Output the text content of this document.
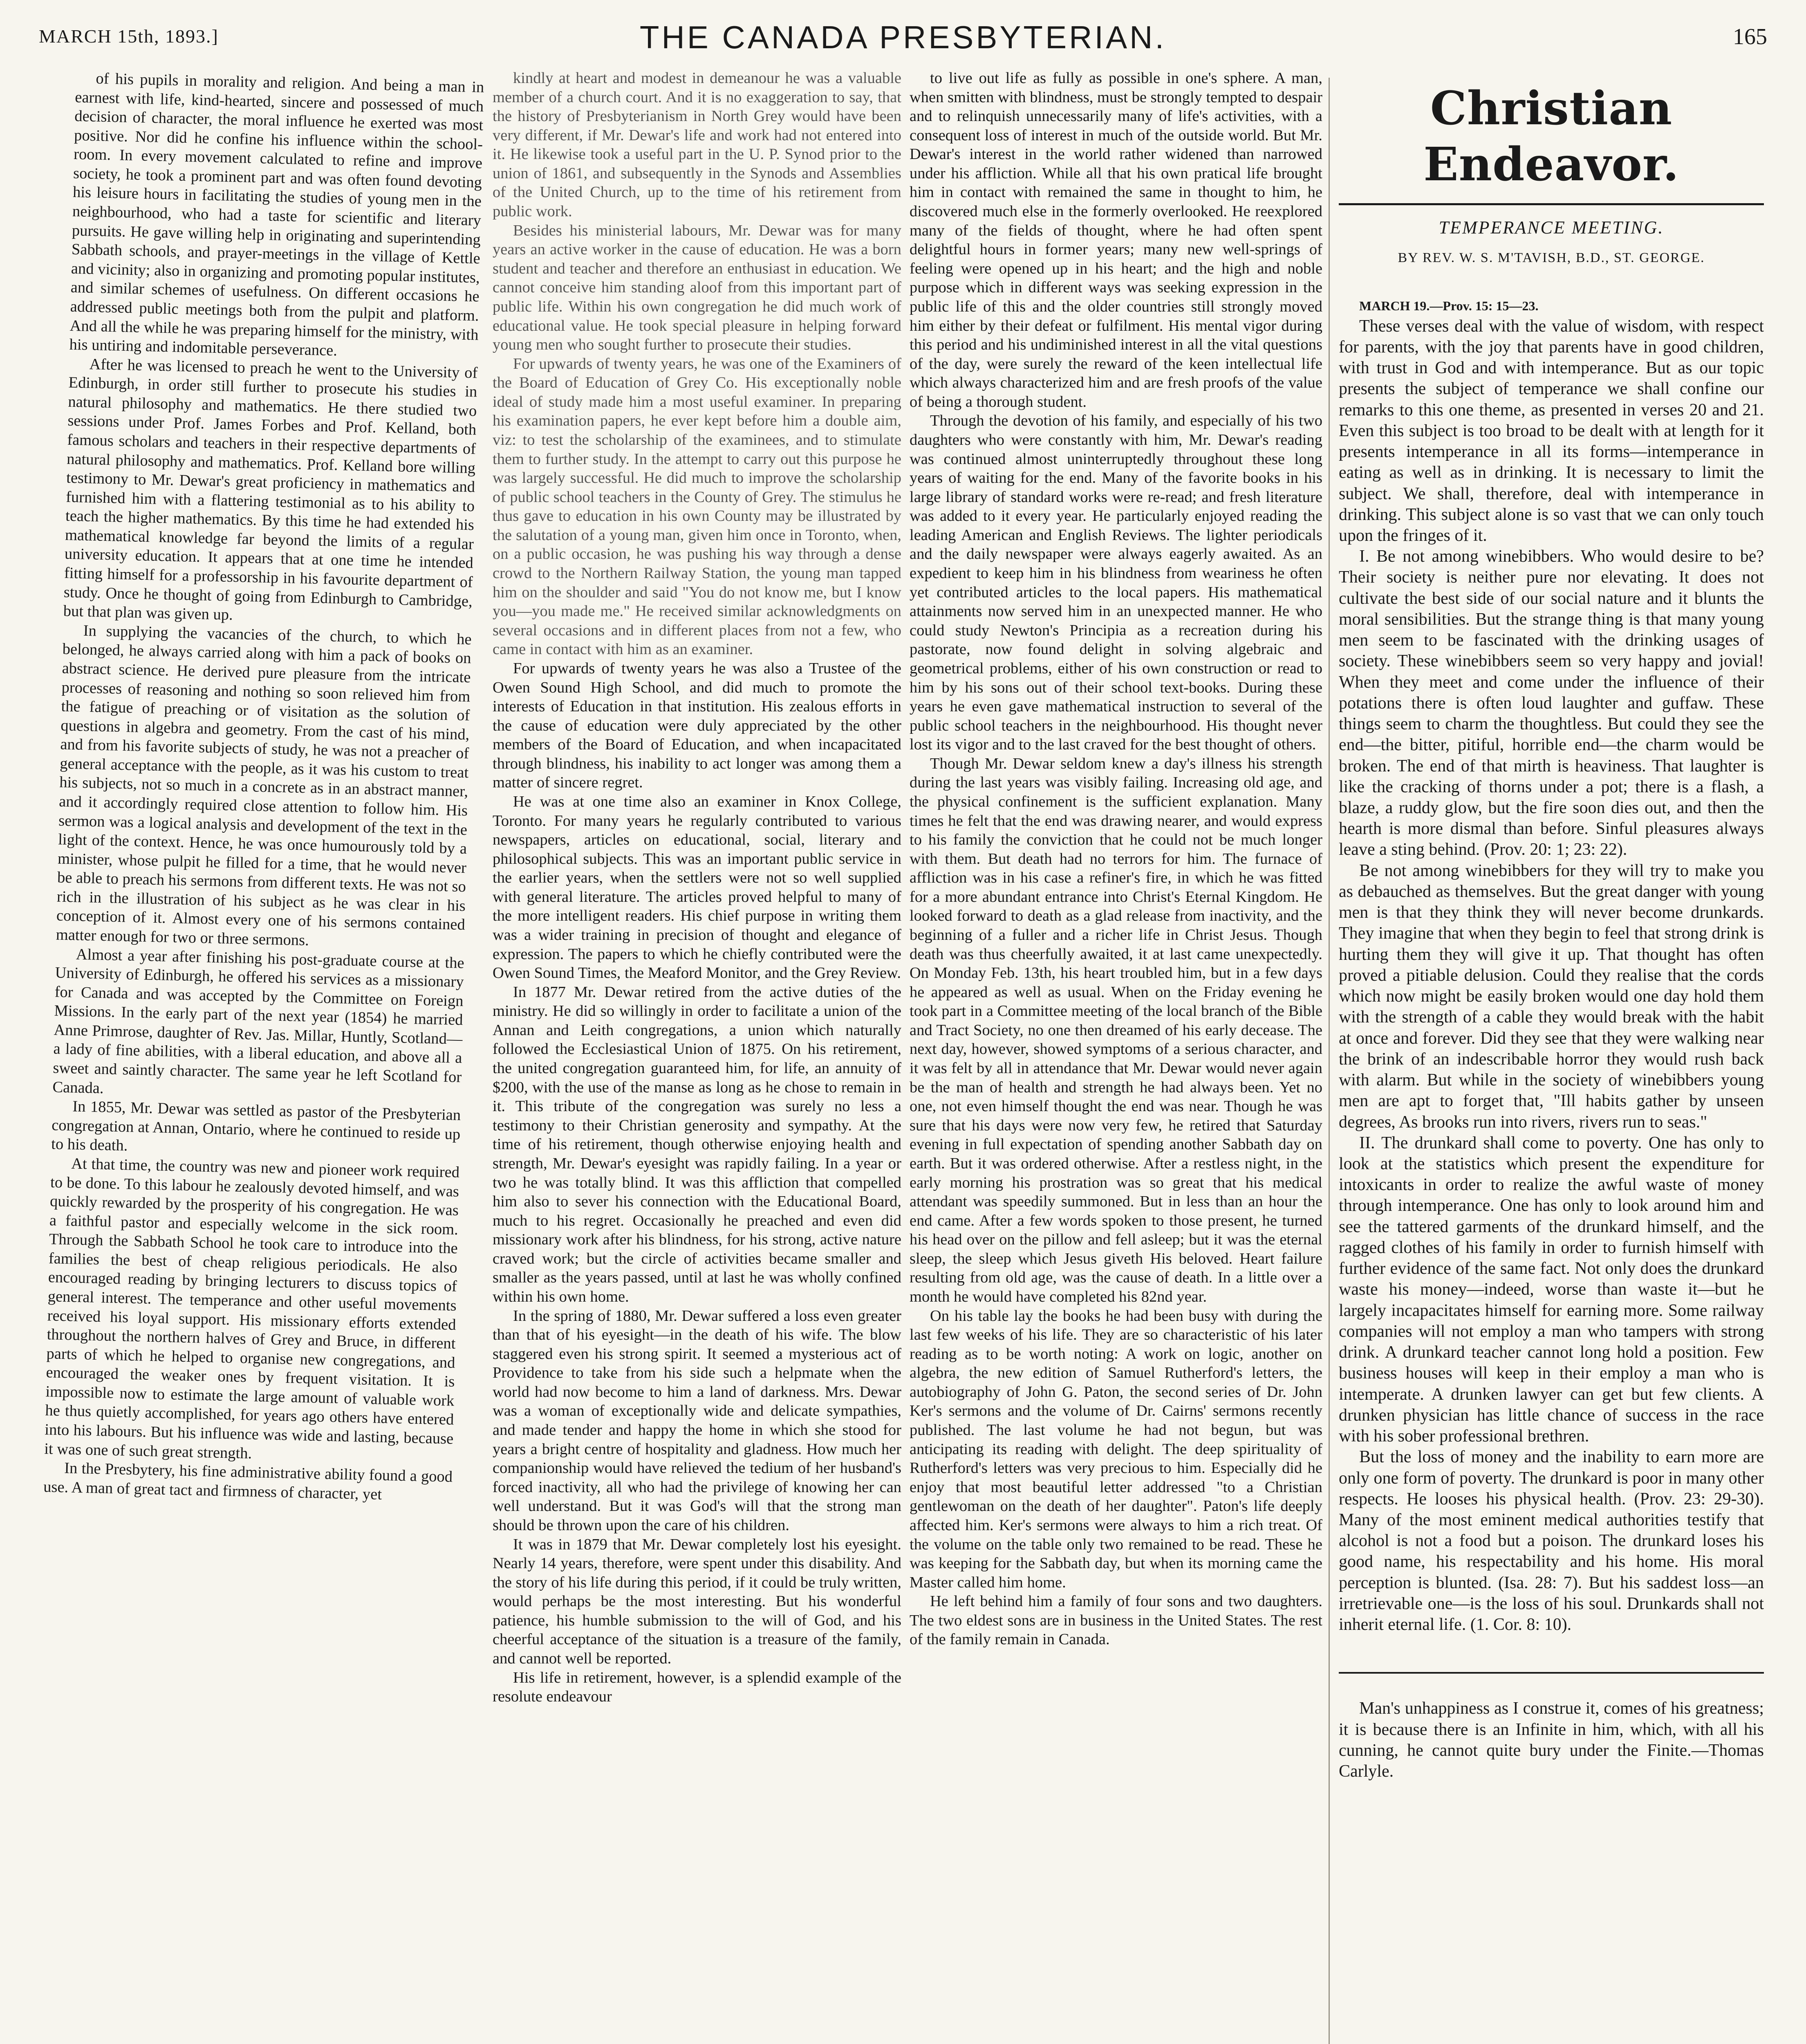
MARCH 15th, 1893.]	THE CANADA PRESBYTERIAN.	165

of his pupils in morality and religion. And being a man in earnest with life, kind-hearted, sincere and possessed of much decision of character, the moral influence he exerted was most positive. Nor did he confine his influence within the school-room. In every movement calculated to refine and improve society, he took a prominent part and was often found devoting his leisure hours in facilitating the studies of young men in the neighbourhood, who had a taste for scientific and literary pursuits. He gave willing help in originating and superintending Sabbath schools, and prayer-meetings in the village of Kettle and vicinity; also in organizing and promoting popular institutes, and similar schemes of usefulness. On different occasions he addressed public meetings both from the pulpit and platform. And all the while he was preparing himself for the ministry, with his untiring and indomitable perseverance.

After he was licensed to preach he went to the University of Edinburgh, in order still further to prosecute his studies in natural philosophy and mathematics. He there studied two sessions under Prof. James Forbes and Prof. Kelland, both famous scholars and teachers in their respective departments of natural philosophy and mathematics. Prof. Kelland bore willing testimony to Mr. Dewar's great proficiency in mathematics and furnished him with a flattering testimonial as to his ability to teach the higher mathematics. By this time he had extended his mathematical knowledge far beyond the limits of a regular university education. It appears that at one time he intended fitting himself for a professorship in his favourite department of study. Once he thought of going from Edinburgh to Cambridge, but that plan was given up.

In supplying the vacancies of the church, to which he belonged, he always carried along with him a pack of books on abstract science. He derived pure pleasure from the intricate processes of reasoning and nothing so soon relieved him from the fatigue of preaching or of visitation as the solution of questions in algebra and geometry. From the cast of his mind, and from his favorite subjects of study, he was not a preacher of general acceptance with the people, as it was his custom to treat his subjects, not so much in a concrete as in an abstract manner, and it accordingly required close attention to follow him. His sermon was a logical analysis and development of the text in the light of the context. Hence, he was once humourously told by a minister, whose pulpit he filled for a time, that he would never be able to preach his sermons from different texts. He was not so rich in the illustration of his subject as he was clear in his conception of it. Almost every one of his sermons contained matter enough for two or three sermons.

Almost a year after finishing his post-graduate course at the University of Edinburgh, he offered his services as a missionary for Canada and was accepted by the Committee on Foreign Missions. In the early part of the next year (1854) he married Anne Primrose, daughter of Rev. Jas. Millar, Huntly, Scotland—a lady of fine abilities, with a liberal education, and above all a sweet and saintly character. The same year he left Scotland for Canada.

In 1855, Mr. Dewar was settled as pastor of the Presbyterian congregation at Annan, Ontario, where he continued to reside up to his death.

At that time, the country was new and pioneer work required to be done. To this labour he zealously devoted himself, and was quickly rewarded by the prosperity of his congregation. He was a faithful pastor and especially welcome in the sick room. Through the Sabbath School he took care to introduce into the families the best of cheap religious periodicals. He also encouraged reading by bringing lecturers to discuss topics of general interest. The temperance and other useful movements received his loyal support. His missionary efforts extended throughout the northern halves of Grey and Bruce, in different parts of which he helped to organise new congregations, and encouraged the weaker ones by frequent visitation. It is impossible now to estimate the large amount of valuable work he thus quietly accomplished, for years ago others have entered into his labours. But his influence was wide and lasting, because it was one of such great strength.

In the Presbytery, his fine administrative ability found a good use. A man of great tact and firmness of character, yet

kindly at heart and modest in demeanour he was a valuable member of a church court. And it is no exaggeration to say, that the history of Presbyterianism in North Grey would have been very different, if Mr. Dewar's life and work had not entered into it. He likewise took a useful part in the U. P. Synod prior to the union of 1861, and subsequently in the Synods and Assemblies of the United Church, up to the time of his retirement from public work.

Besides his ministerial labours, Mr. Dewar was for many years an active worker in the cause of education. He was a born student and teacher and therefore an enthusiast in education. We cannot conceive him standing aloof from this important part of public life. Within his own congregation he did much work of educational value. He took special pleasure in helping forward young men who sought further to prosecute their studies.

For upwards of twenty years, he was one of the Examiners of the Board of Education of Grey Co. His exceptionally noble ideal of study made him a most useful examiner. In preparing his examination papers, he ever kept before him a double aim, viz: to test the scholarship of the examinees, and to stimulate them to further study. In the attempt to carry out this purpose he was largely successful. He did much to improve the scholarship of public school teachers in the County of Grey. The stimulus he thus gave to education in his own County may be illustrated by the salutation of a young man, given him once in Toronto, when, on a public occasion, he was pushing his way through a dense crowd to the Northern Railway Station, the young man tapped him on the shoulder and said "You do not know me, but I know you—you made me." He received similar acknowledgments on several occasions and in different places from not a few, who came in contact with him as an examiner.

For upwards of twenty years he was also a Trustee of the Owen Sound High School, and did much to promote the interests of Education in that institution. His zealous efforts in the cause of education were duly appreciated by the other members of the Board of Education, and when incapacitated through blindness, his inability to act longer was among them a matter of sincere regret.

He was at one time also an examiner in Knox College, Toronto. For many years he regularly contributed to various newspapers, articles on educational, social, literary and philosophical subjects. This was an important public service in the earlier years, when the settlers were not so well supplied with general literature. The articles proved helpful to many of the more intelligent readers. His chief purpose in writing them was a wider training in precision of thought and elegance of expression. The papers to which he chiefly contributed were the Owen Sound Times, the Meaford Monitor, and the Grey Review.

In 1877 Mr. Dewar retired from the active duties of the ministry. He did so willingly in order to facilitate a union of the Annan and Leith congregations, a union which naturally followed the Ecclesiastical Union of 1875. On his retirement, the united congregation guaranteed him, for life, an annuity of $200, with the use of the manse as long as he chose to remain in it. This tribute of the congregation was surely no less a testimony to their Christian generosity and sympathy. At the time of his retirement, though otherwise enjoying health and strength, Mr. Dewar's eyesight was rapidly failing. In a year or two he was totally blind. It was this affliction that compelled him also to sever his connection with the Educational Board, much to his regret. Occasionally he preached and even did missionary work after his blindness, for his strong, active nature craved work; but the circle of activities became smaller and smaller as the years passed, until at last he was wholly confined within his own home.

In the spring of 1880, Mr. Dewar suffered a loss even greater than that of his eyesight—in the death of his wife. The blow staggered even his strong spirit. It seemed a mysterious act of Providence to take from his side such a helpmate when the world had now become to him a land of darkness. Mrs. Dewar was a woman of exceptionally wide and delicate sympathies, and made tender and happy the home in which she stood for years a bright centre of hospitality and gladness. How much her companionship would have relieved the tedium of her husband's forced inactivity, all who had the privilege of knowing her can well understand. But it was God's will that the strong man should be thrown upon the care of his children.

It was in 1879 that Mr. Dewar completely lost his eyesight. Nearly 14 years, therefore, were spent under this disability. And the story of his life during this period, if it could be truly written, would perhaps be the most interesting. But his wonderful patience, his humble submission to the will of God, and his cheerful acceptance of the situation is a treasure of the family, and cannot well be reported.

His life in retirement, however, is a splendid example of the resolute endeavour

to live out life as fully as possible in one's sphere. A man, when smitten with blindness, must be strongly tempted to despair and to relinquish unnecessarily many of life's activities, with a consequent loss of interest in much of the outside world. But Mr. Dewar's interest in the world rather widened than narrowed under his affliction. While all that his own pratical life brought him in contact with remained the same in thought to him, he discovered much else in the formerly overlooked. He reexplored many of the fields of thought, where he had often spent delightful hours in former years; many new well-springs of feeling were opened up in his heart; and the high and noble purpose which in different ways was seeking expression in the public life of this and the older countries still strongly moved him either by their defeat or fulfilment. His mental vigor during this period and his undiminished interest in all the vital questions of the day, were surely the reward of the keen intellectual life which always characterized him and are fresh proofs of the value of being a thorough student.

Through the devotion of his family, and especially of his two daughters who were constantly with him, Mr. Dewar's reading was continued almost uninterruptedly throughout these long years of waiting for the end. Many of the favorite books in his large library of standard works were re-read; and fresh literature was added to it every year. He particularly enjoyed reading the leading American and English Reviews. The lighter periodicals and the daily newspaper were always eagerly awaited. As an expedient to keep him in his blindness from weariness he often yet contributed articles to the local papers. His mathematical attainments now served him in an unexpected manner. He who could study Newton's Principia as a recreation during his pastorate, now found delight in solving algebraic and geometrical problems, either of his own construction or read to him by his sons out of their school text-books. During these years he even gave mathematical instruction to several of the public school teachers in the neighbourhood. His thought never lost its vigor and to the last craved for the best thought of others.

Though Mr. Dewar seldom knew a day's illness his strength during the last years was visibly failing. Increasing old age, and the physical confinement is the sufficient explanation. Many times he felt that the end was drawing nearer, and would express to his family the conviction that he could not be much longer with them. But death had no terrors for him. The furnace of affliction was in his case a refiner's fire, in which he was fitted for a more abundant entrance into Christ's Eternal Kingdom. He looked forward to death as a glad release from inactivity, and the beginning of a fuller and a richer life in Christ Jesus. Though death was thus cheerfully awaited, it at last came unexpectedly. On Monday Feb. 13th, his heart troubled him, but in a few days he appeared as well as usual. When on the Friday evening he took part in a Committee meeting of the local branch of the Bible and Tract Society, no one then dreamed of his early decease. The next day, however, showed symptoms of a serious character, and it was felt by all in attendance that Mr. Dewar would never again be the man of health and strength he had always been. Yet no one, not even himself thought the end was near. Though he was sure that his days were now very few, he retired that Saturday evening in full expectation of spending another Sabbath day on earth. But it was ordered otherwise. After a restless night, in the early morning his prostration was so great that his medical attendant was speedily summoned. But in less than an hour the end came. After a few words spoken to those present, he turned his head over on the pillow and fell asleep; but it was the eternal sleep, the sleep which Jesus giveth His beloved. Heart failure resulting from old age, was the cause of death. In a little over a month he would have completed his 82nd year.

On his table lay the books he had been busy with during the last few weeks of his life. They are so characteristic of his later reading as to be worth noting: A work on logic, another on algebra, the new edition of Samuel Rutherford's letters, the autobiography of John G. Paton, the second series of Dr. John Ker's sermons and the volume of Dr. Cairns' sermons recently published. The last volume he had not begun, but was anticipating its reading with delight. The deep spirituality of Rutherford's letters was very precious to him. Especially did he enjoy that most beautiful letter addressed "to a Christian gentlewoman on the death of her daughter". Paton's life deeply affected him. Ker's sermons were always to him a rich treat. Of the volume on the table only two remained to be read. These he was keeping for the Sabbath day, but when its morning came the Master called him home.

He left behind him a family of four sons and two daughters. The two eldest sons are in business in the United States. The rest of the family remain in Canada.

Christian Endeavor.
TEMPERANCE MEETING.
BY REV. W. S. M'TAVISH, B.D., ST. GEORGE.

MARCH 19.—Prov. 15: 15—23.

These verses deal with the value of wisdom, with respect for parents, with the joy that parents have in good children, with trust in God and with intemperance. But as our topic presents the subject of temperance we shall confine our remarks to this one theme, as presented in verses 20 and 21. Even this subject is too broad to be dealt with at length for it presents intemperance in all its forms—intemperance in eating as well as in drinking. It is necessary to limit the subject. We shall, therefore, deal with intemperance in drinking. This subject alone is so vast that we can only touch upon the fringes of it.

I. Be not among winebibbers. Who would desire to be? Their society is neither pure nor elevating. It does not cultivate the best side of our social nature and it blunts the moral sensibilities. But the strange thing is that many young men seem to be fascinated with the drinking usages of society. These winebibbers seem so very happy and jovial! When they meet and come under the influence of their potations there is often loud laughter and guffaw. These things seem to charm the thoughtless. But could they see the end—the bitter, pitiful, horrible end—the charm would be broken. The end of that mirth is heaviness. That laughter is like the cracking of thorns under a pot; there is a flash, a blaze, a ruddy glow, but the fire soon dies out, and then the hearth is more dismal than before. Sinful pleasures always leave a sting behind. (Prov. 20: 1; 23: 22).

Be not among winebibbers for they will try to make you as debauched as themselves. But the great danger with young men is that they think they will never become drunkards. They imagine that when they begin to feel that strong drink is hurting them they will give it up. That thought has often proved a pitiable delusion. Could they realise that the cords which now might be easily broken would one day hold them with the strength of a cable they would break with the habit at once and forever. Did they see that they were walking near the brink of an indescribable horror they would rush back with alarm. But while in the society of winebibbers young men are apt to forget that, "Ill habits gather by unseen degrees, As brooks run into rivers, rivers run to seas."

II. The drunkard shall come to poverty. One has only to look at the statistics which present the expenditure for intoxicants in order to realize the awful waste of money through intemperance. One has only to look around him and see the tattered garments of the drunkard himself, and the ragged clothes of his family in order to furnish himself with further evidence of the same fact. Not only does the drunkard waste his money—indeed, worse than waste it—but he largely incapacitates himself for earning more. Some railway companies will not employ a man who tampers with strong drink. A drunkard teacher cannot long hold a position. Few business houses will keep in their employ a man who is intemperate. A drunken lawyer can get but few clients. A drunken physician has little chance of success in the race with his sober professional brethren.

But the loss of money and the inability to earn more are only one form of poverty. The drunkard is poor in many other respects. He looses his physical health. (Prov. 23: 29-30). Many of the most eminent medical authorities testify that alcohol is not a food but a poison. The drunkard loses his good name, his respectability and his home. His moral perception is blunted. (Isa. 28: 7). But his saddest loss—an irretrievable one—is the loss of his soul. Drunkards shall not inherit eternal life. (1. Cor. 8: 10).

Man's unhappiness as I construe it, comes of his greatness; it is because there is an Infinite in him, which, with all his cunning, he cannot quite bury under the Finite.—Thomas Carlyle.
